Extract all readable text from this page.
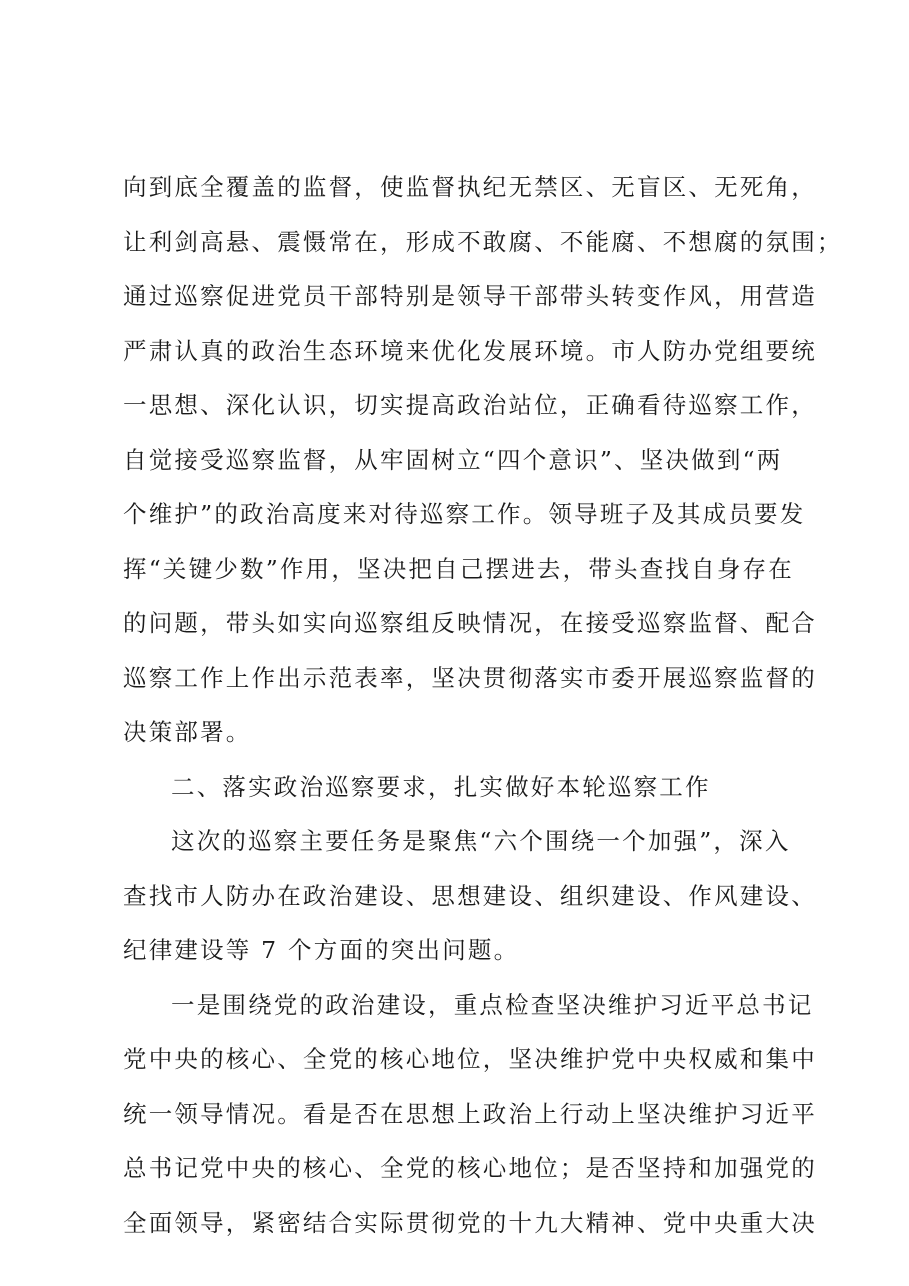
向到底全覆盖的监督，使监督执纪无禁区、无盲区、无死角，
让利剑高悬、震慑常在，形成不敢腐、不能腐、不想腐的氛围；
通过巡察促进党员干部特别是领导干部带头转变作风，用营造
严肃认真的政治生态环境来优化发展环境。市人防办党组要统
一思想、深化认识，切实提高政治站位，正确看待巡察工作，
自觉接受巡察监督，从牢固树立“四个意识”、坚决做到“两
个维护”的政治高度来对待巡察工作。领导班子及其成员要发
挥“关键少数”作用，坚决把自己摆进去，带头查找自身存在
的问题，带头如实向巡察组反映情况，在接受巡察监督、配合
巡察工作上作出示范表率，坚决贯彻落实市委开展巡察监督的
决策部署。
二、落实政治巡察要求，扎实做好本轮巡察工作
这次的巡察主要任务是聚焦“六个围绕一个加强”，深入
查找市人防办在政治建设、思想建设、组织建设、作风建设、
纪律建设等 7 个方面的突出问题。
一是围绕党的政治建设，重点检查坚决维护习近平总书记
党中央的核心、全党的核心地位，坚决维护党中央权威和集中
统一领导情况。看是否在思想上政治上行动上坚决维护习近平
总书记党中央的核心、全党的核心地位；是否坚持和加强党的
全面领导，紧密结合实际贯彻党的十九大精神、党中央重大决
